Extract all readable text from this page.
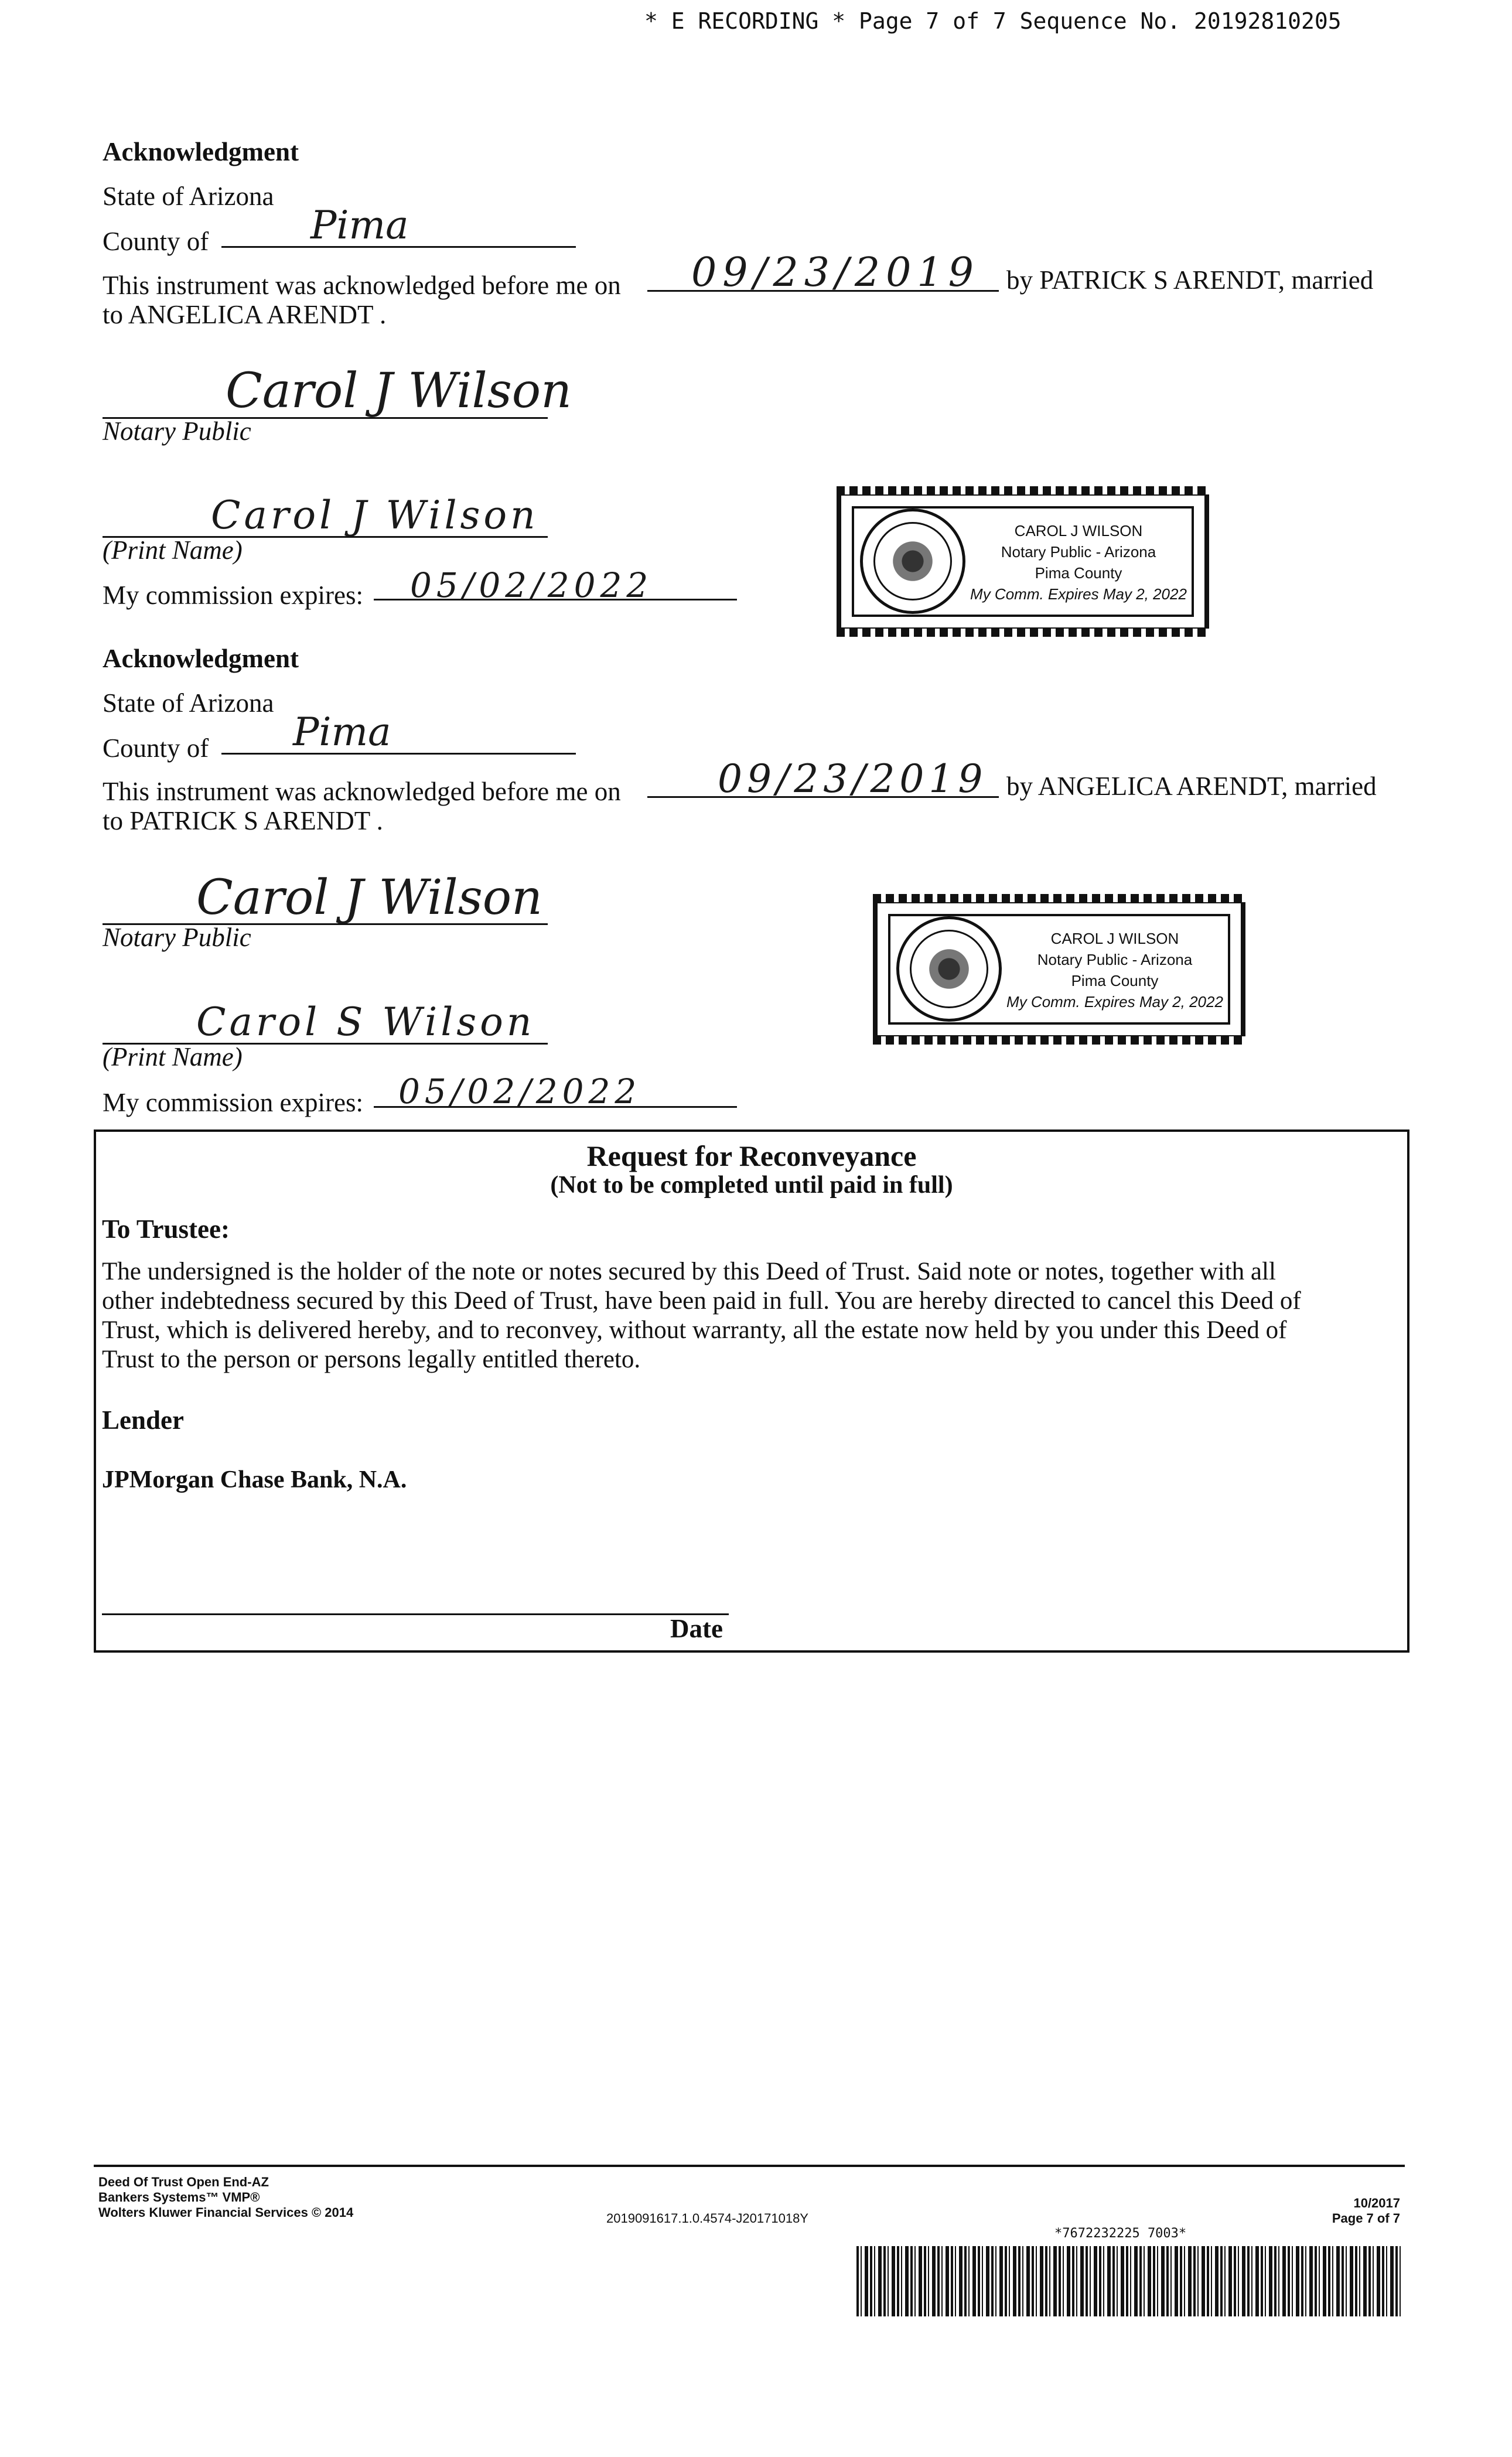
* E RECORDING * Page 7 of 7 Sequence No. 20192810205
Acknowledgment
State of Arizona
County of	Pima
This instrument was acknowledged before me on 09/23/2019 by PATRICK S ARENDT, married
to ANGELICA ARENDT .
Carol J Wilson
Notary Public
Carol J Wilson
(Print Name)
My commission expires: 05/02/2022
CAROL J WILSON
Notary Public - Arizona
Pima County
My Comm. Expires May 2, 2022
Acknowledgment
State of Arizona
County of Pima
This instrument was acknowledged before me on	09/23/2019 by ANGELICA ARENDT, married
to PATRICK S ARENDT .
Carol J Wilson
Notary Public
Carol S Wilson
(Print Name)
My commission expires: 05/02/2022
CAROL J WILSON
Notary Public - Arizona
Pima County
My Comm. Expires May 2, 2022
Request for Reconveyance
(Not to be completed until paid in full)
To Trustee:
The undersigned is the holder of the note or notes secured by this Deed of Trust. Said note or notes, together with all
other indebtedness secured by this Deed of Trust, have been paid in full. You are hereby directed to cancel this Deed of
Trust, which is delivered hereby, and to reconvey, without warranty, all the estate now held by you under this Deed of
Trust to the person or persons legally entitled thereto.
Lender
JPMorgan Chase Bank, N.A.
Date
Deed Of Trust Open End-AZ
Bankers Systems™ VMP®
Wolters Kluwer Financial Services © 2014	2019091617.1.0.4574-J20171018Y
10/2017
Page 7 of 7
*7672232225 7003*
